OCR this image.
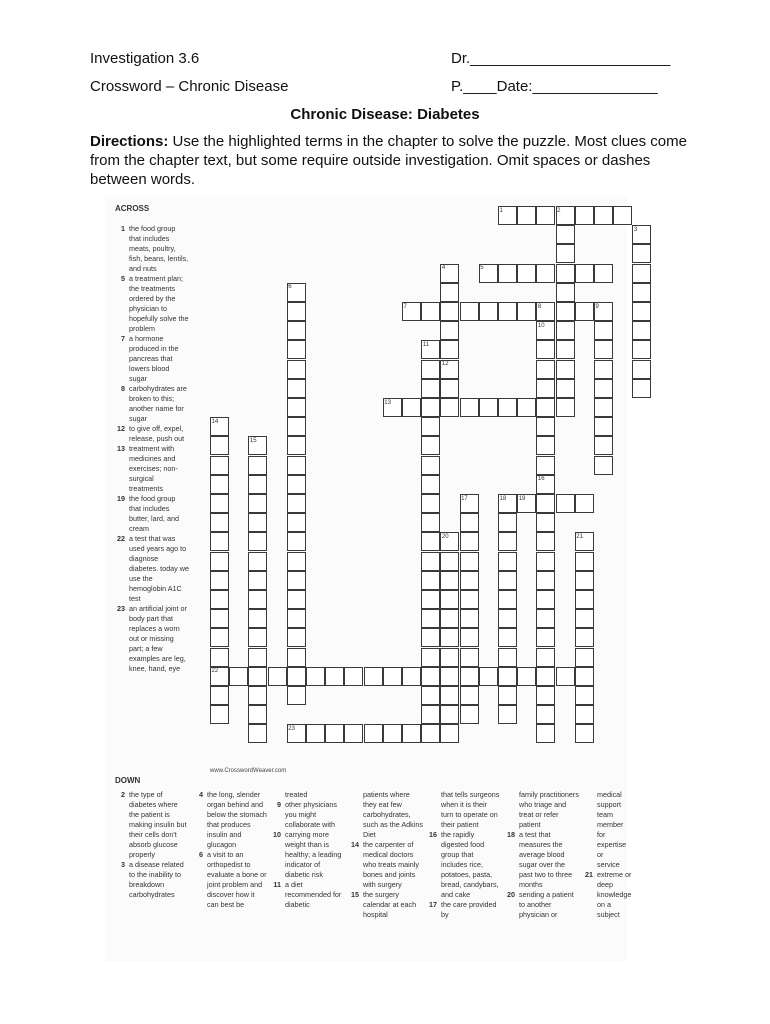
Investigation 3.6
Crossword – Chronic Disease
Dr.________________________
P.____Date:_______________
Chronic Disease: Diabetes
Directions: Use the highlighted terms in the chapter to solve the puzzle. Most clues come from the chapter text, but some require outside investigation. Omit spaces or dashes between words.
ACROSS
1 the food group that includes meats, poultry, fish, beans, lentils, and nuts
5 a treatment plan; the treatments ordered by the physician to hopefully solve the problem
7 a hormone produced in the pancreas that lowers blood sugar
8 carbohydrates are broken to this; another name for sugar
12 to give off, expel, release, push out
13 treatment with medicines and exercises; non-surgical treatments
19 the food group that includes butter, lard, and cream
22 a test that was used years ago to diagnose diabetes. today we use the hemoglobin A1C test
23 an artificial joint or body part that replaces a worn out or missing part; a few examples are leg, knee, hand, eye
1	2
3
4	5
6
7	8	9
10
11
12
13
14
15
16
17	18 19
20	21
22
23
www.CrosswordWeaver.com
DOWN
2 the type of diabetes where the patient is making insulin but their cells don't absorb glucose properly
3 a disease related to the inability to breakdown carbohydrates
4 the long, slender organ behind and below the stomach that produces insulin and glucagon
6 a visit to an orthopedist to evaluate a bone or joint problem and discover how it can best be
treated
9 other physicians you might collaborate with
10 carrying more weight than is healthy; a leading indicator of diabetic risk
11 a diet recommended for diabetic
patients where they eat few carbohydrates, such as the Adkins Diet
14 the carpenter of medical doctors who treats mainly bones and joints with surgery
15 the surgery calendar at each hospital
that tells surgeons when it is their turn to operate on their patient
16 the rapidly digested food group that includes rice, potatoes, pasta, bread, candybars, and cake
17 the care provided by
family practitioners who triage and treat or refer patient
18 a test that measures the average blood sugar over the past two to three months
20 sending a patient to another physician or
medical support team member for expertise or service
21 extreme or deep knowledge on a subject
